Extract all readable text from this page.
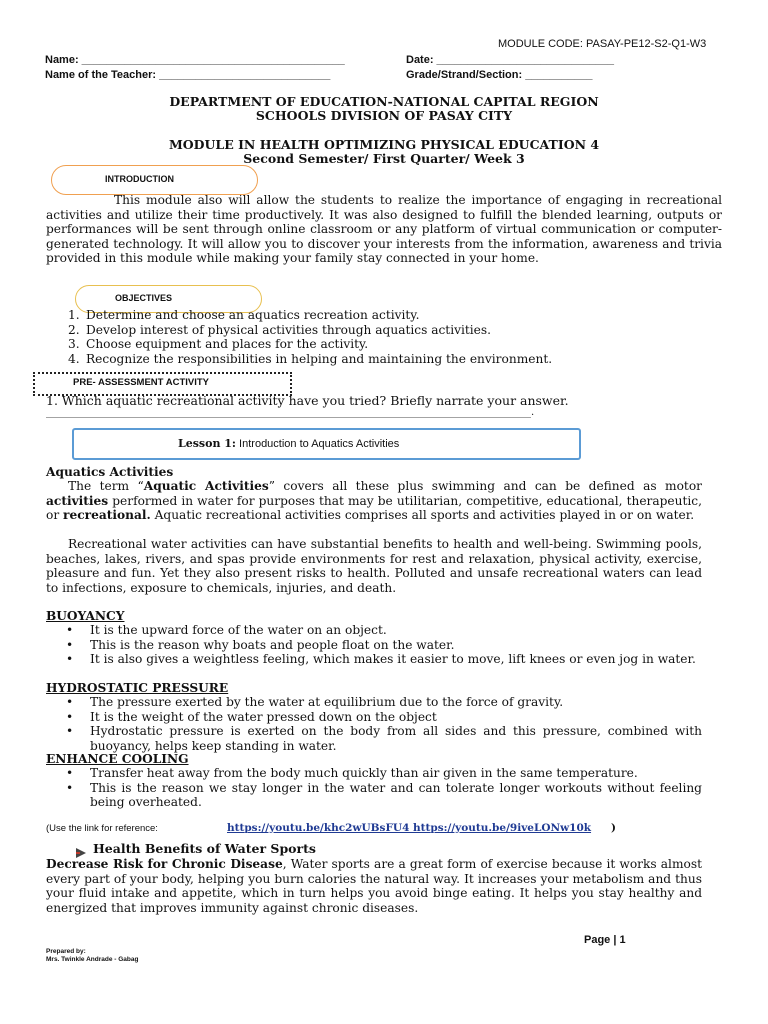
MODULE CODE: PASAY-PE12-S2-Q1-W3
Name: ___________________________________________	Date: _____________________________
Name of the Teacher: ____________________________	Grade/Strand/Section: ___________
DEPARTMENT OF EDUCATION-NATIONAL CAPITAL REGION
SCHOOLS DIVISION OF PASAY CITY
MODULE IN HEALTH OPTIMIZING PHYSICAL EDUCATION 4
Second Semester/ First Quarter/ Week 3
INTRODUCTION
This module also will allow the students to realize the importance of engaging in recreational activities and utilize their time productively. It was also designed to fulfill the blended learning, outputs or performances will be sent through online classroom or any platform of virtual communication or computer- generated technology. It will allow you to discover your interests from the information, awareness and trivia provided in this module while making your family stay connected in your home.
OBJECTIVES
1. Determine and choose an aquatics recreation activity.
2. Develop interest of physical activities through aquatics activities.
3. Choose equipment and places for the activity.
4. Recognize the responsibilities in helping and maintaining the environment.
PRE- ASSESSMENT ACTIVITY
1. Which aquatic recreational activity have you tried? Briefly narrate your answer.
_________________________________________________________________________________________________.
Lesson 1: Introduction to Aquatics Activities
Aquatics Activities
The term “Aquatic Activities” covers all these plus swimming and can be defined as motor activities performed in water for purposes that may be utilitarian, competitive, educational, therapeutic, or recreational. Aquatic recreational activities comprises all sports and activities played in or on water.
Recreational water activities can have substantial benefits to health and well-being. Swimming pools, beaches, lakes, rivers, and spas provide environments for rest and relaxation, physical activity, exercise, pleasure and fun. Yet they also present risks to health. Polluted and unsafe recreational waters can lead to infections, exposure to chemicals, injuries, and death.
BUOYANCY
• It is the upward force of the water on an object.
• This is the reason why boats and people float on the water.
• It is also gives a weightless feeling, which makes it easier to move, lift knees or even jog in water.
HYDROSTATIC PRESSURE
• The pressure exerted by the water at equilibrium due to the force of gravity.
• It is the weight of the water pressed down on the object
• Hydrostatic pressure is exerted on the body from all sides and this pressure, combined with buoyancy, helps keep standing in water.
ENHANCE COOLING
• Transfer heat away from the body much quickly than air given in the same temperature.
• This is the reason we stay longer in the water and can tolerate longer workouts without feeling being overheated.
(Use the link for reference:	https://youtu.be/khc2wUBsFU4 https://youtu.be/9iveLONw10k )
Health Benefits of Water Sports
Decrease Risk for Chronic Disease, Water sports are a great form of exercise because it works almost every part of your body, helping you burn calories the natural way. It increases your metabolism and thus your fluid intake and appetite, which in turn helps you avoid binge eating. It helps you stay healthy and energized that improves immunity against chronic diseases.
Page | 1
Prepared by:
Mrs. Twinkle Andrade - Gabag
